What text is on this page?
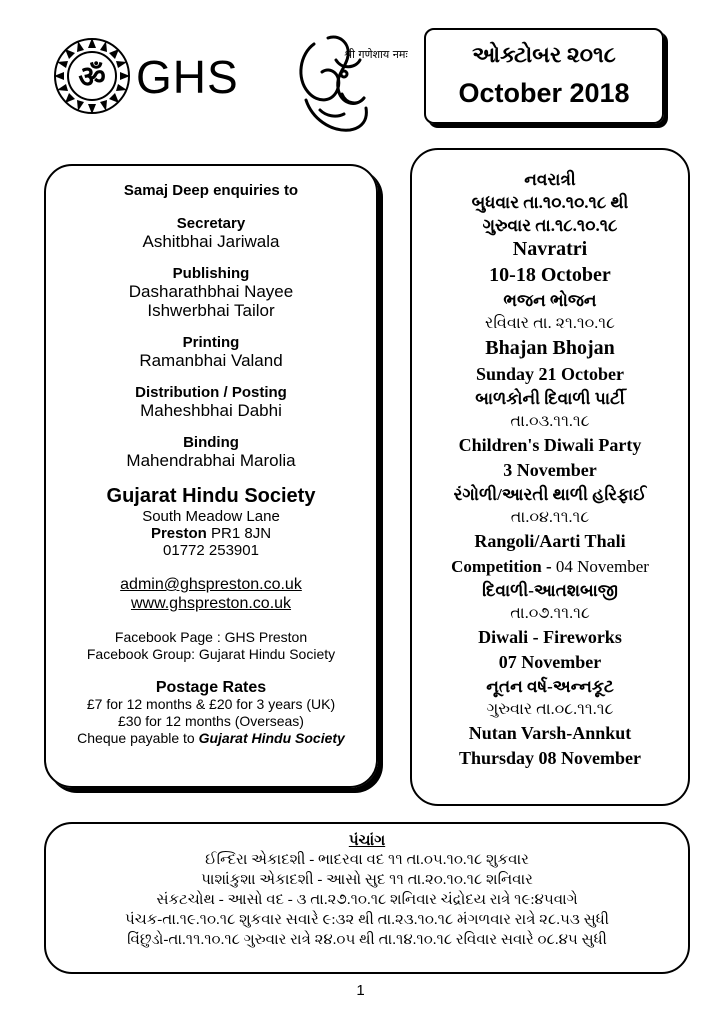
ॐ GHS	श्री गणेशाय नमः	ઓક્ટોબર ૨૦૧૮
October 2018
Samaj Deep enquiries to
Secretary
Ashitbhai Jariwala
Publishing
Dasharathbhai Nayee
Ishwerbhai Tailor
Printing
Ramanbhai Valand
Distribution / Posting
Maheshbhai Dabhi
Binding
Mahendrabhai Marolia
Gujarat Hindu Society
South Meadow Lane
Preston PR1 8JN
01772 253901
admin@ghspreston.co.uk
www.ghspreston.co.uk
Facebook Page : GHS Preston
Facebook Group: Gujarat Hindu Society
Postage Rates
£7 for 12 months & £20 for 3 years (UK)
£30 for 12 months (Overseas)
Cheque payable to Gujarat Hindu Society
નવરાત્રી
બુધવાર તા.૧૦.૧૦.૧૮ થી
ગુરુવાર તા.૧૮.૧૦.૧૮
Navratri
10-18 October
ભજન ભોજન
રવિવાર તા. ૨૧.૧૦.૧૮
Bhajan Bhojan
Sunday 21 October
બાળકોની દિવાળી પાર્ટી
તા.૦૩.૧૧.૧૮
Children's Diwali Party
3 November
રંગોળી/આરતી થાળી હરિફાઈ
તા.૦૪.૧૧.૧૮
Rangoli/Aarti Thali
Competition - 04 November
દિવાળી-આતશબાજી
તા.૦૭.૧૧.૧૮
Diwali - Fireworks
07 November
નૂતન વર્ષ-અન્નકૂટ
ગુરુવાર તા.૦૮.૧૧.૧૮
Nutan Varsh-Annkut
Thursday 08 November
પંચાંગ
ઈન્દિરા એકાદશી - ભાદરવા વદ ૧૧ તા.૦૫.૧૦.૧૮ શુકવાર
પાશાંકુશા એકાદશી - આસો સુદ ૧૧ તા.૨૦.૧૦.૧૮ શનિવાર
સંકટચોથ - આસો વદ - ૩ તા.૨૭.૧૦.૧૮ શનિવાર ચંદ્રોદય રાત્રે ૧૯:૪૫વાગે
પંચક-તા.૧૯.૧૦.૧૮ શુકવાર સવારે ૯:૩૨ થી તા.૨૩.૧૦.૧૮ મંગળવાર રાત્રે ૨૮.૫૩ સુધી
વિંછુડો-તા.૧૧.૧૦.૧૮ ગુરુવાર રાત્રે ૨૪.૦૫ થી તા.૧૪.૧૦.૧૮ રવિવાર સવારે ૦૮.૪૫ સુધી
1
